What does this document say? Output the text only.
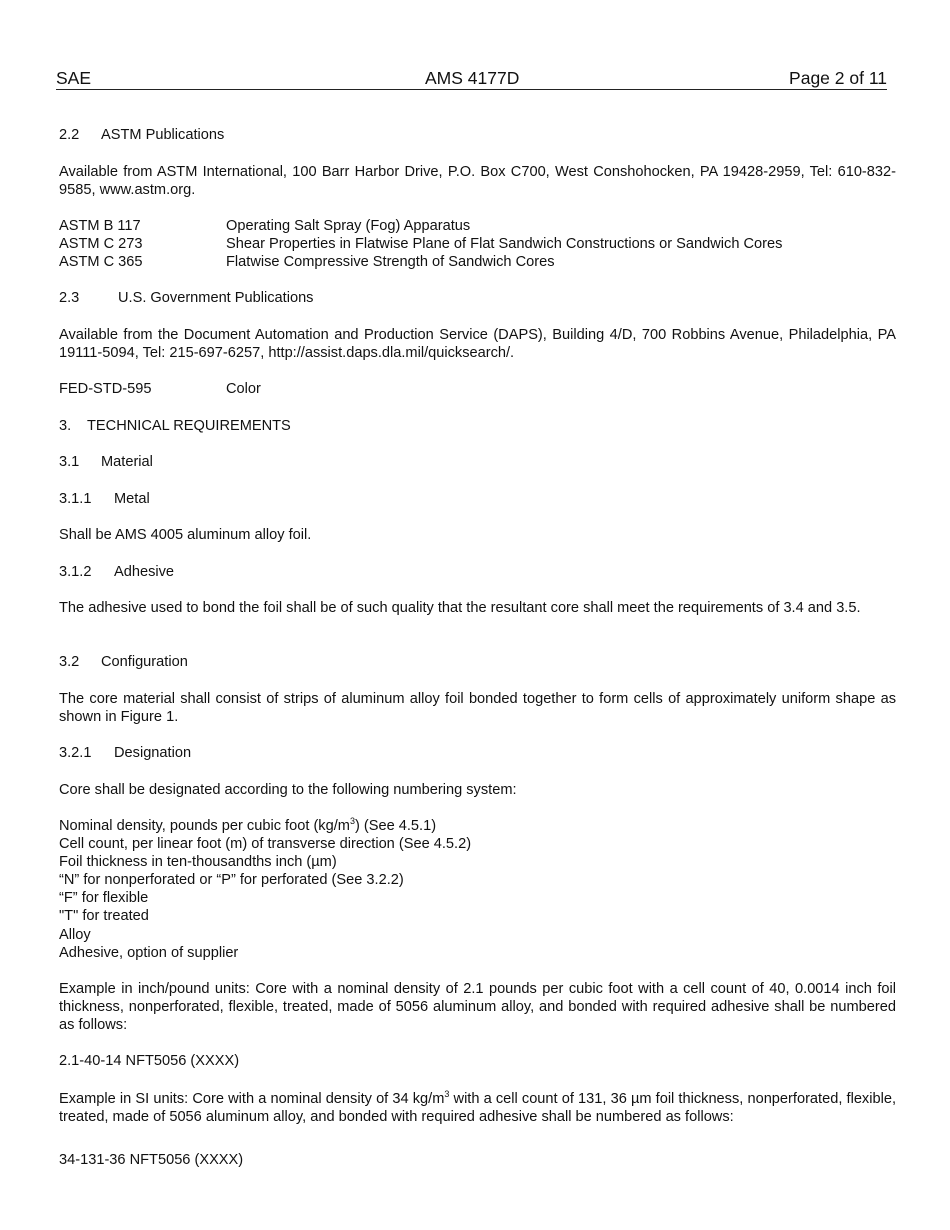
SAE	AMS 4177D	Page 2 of 11
2.2 ASTM Publications
Available from ASTM International, 100 Barr Harbor Drive, P.O. Box C700, West Conshohocken, PA 19428-2959, Tel: 610-832-9585, www.astm.org.
ASTM B 117	Operating Salt Spray (Fog) Apparatus
ASTM C 273	Shear Properties in Flatwise Plane of Flat Sandwich Constructions or Sandwich Cores
ASTM C 365	Flatwise Compressive Strength of Sandwich Cores
2.3	U.S. Government Publications
Available from the Document Automation and Production Service (DAPS), Building 4/D, 700 Robbins Avenue, Philadelphia, PA 19111-5094, Tel: 215-697-6257, http://assist.daps.dla.mil/quicksearch/.
FED-STD-595	Color
3. TECHNICAL REQUIREMENTS
3.1 Material
3.1.1 Metal
Shall be AMS 4005 aluminum alloy foil.
3.1.2 Adhesive
The adhesive used to bond the foil shall be of such quality that the resultant core shall meet the requirements of 3.4 and 3.5.
3.2 Configuration
The core material shall consist of strips of aluminum alloy foil bonded together to form cells of approximately uniform shape as shown in Figure 1.
3.2.1 Designation
Core shall be designated according to the following numbering system:
Nominal density, pounds per cubic foot $(kg/m^3)$ (See 4.5.1)
Cell count, per linear foot (m) of transverse direction (See 4.5.2)
Foil thickness in ten-thousandths inch (µm)
“N” for nonperforated or “P” for perforated (See 3.2.2)
“F” for flexible
"T" for treated
Alloy
Adhesive, option of supplier
Example in inch/pound units: Core with a nominal density of 2.1 pounds per cubic foot with a cell count of 40, 0.0014 inch foil thickness, nonperforated, flexible, treated, made of 5056 aluminum alloy, and bonded with required adhesive shall be numbered as follows:
2.1-40-14 NFT5056 (XXXX)
Example in SI units: Core with a nominal density of 34 $kg/m^3$ with a cell count of 131, 36 µm foil thickness, nonperforated, flexible, treated, made of 5056 aluminum alloy, and bonded with required adhesive shall be numbered as follows:
34-131-36 NFT5056 (XXXX)
